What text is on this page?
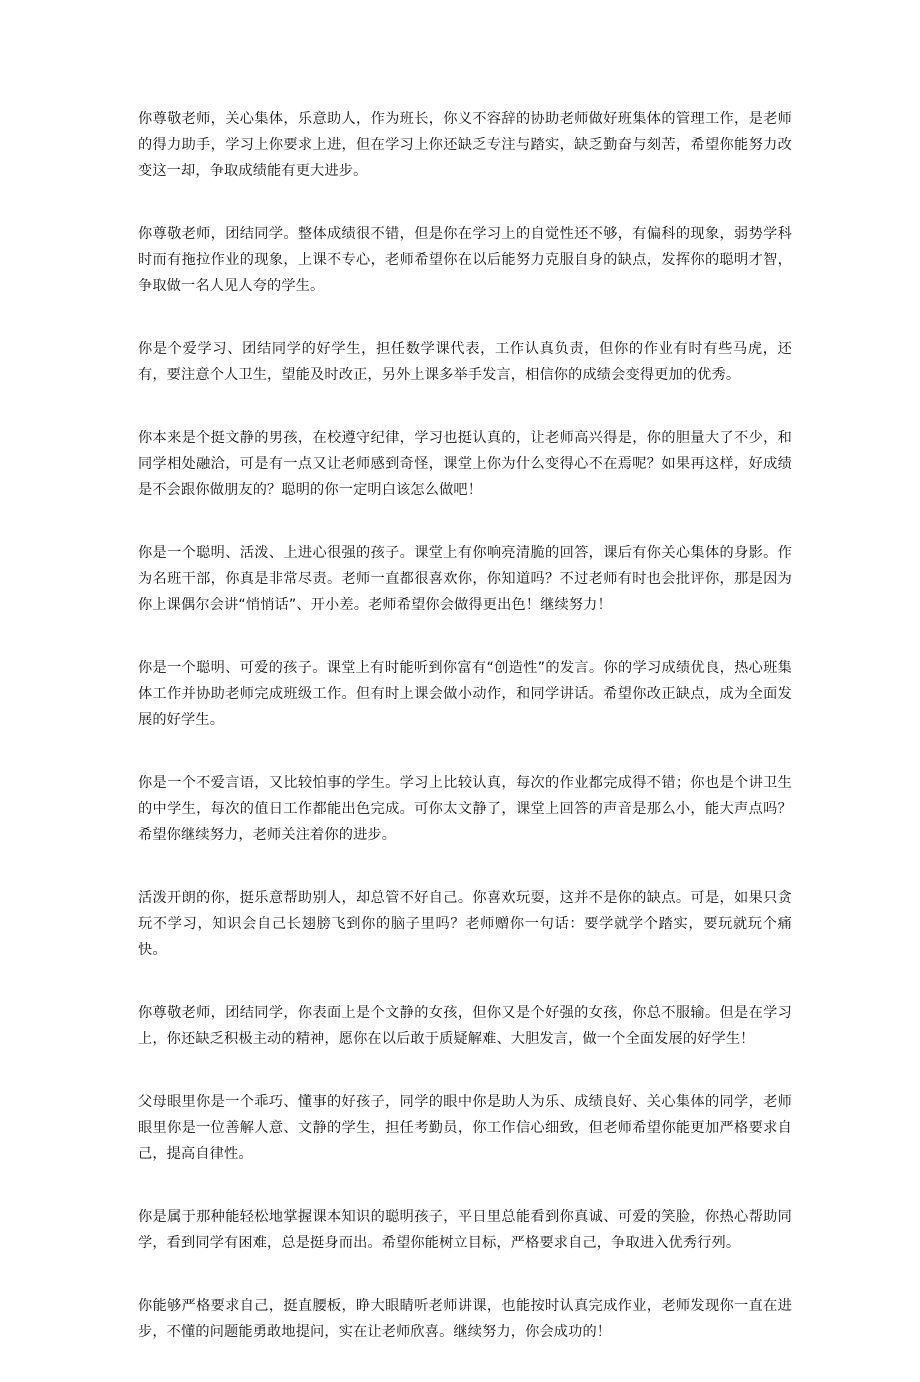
你尊敬老师，关心集体，乐意助人，作为班长，你义不容辞的协助老师做好班集体的管理工作，是老师的得力助手，学习上你要求上进，但在学习上你还缺乏专注与踏实，缺乏勤奋与刻苦，希望你能努力改变这一却，争取成绩能有更大进步。

你尊敬老师，团结同学。整体成绩很不错，但是你在学习上的自觉性还不够，有偏科的现象，弱势学科时而有拖拉作业的现象，上课不专心，老师希望你在以后能努力克服自身的缺点，发挥你的聪明才智，争取做一名人见人夸的学生。

你是个爱学习、团结同学的好学生，担任数学课代表，工作认真负责，但你的作业有时有些马虎，还有，要注意个人卫生，望能及时改正，另外上课多举手发言，相信你的成绩会变得更加的优秀。

你本来是个挺文静的男孩，在校遵守纪律，学习也挺认真的，让老师高兴得是，你的胆量大了不少，和同学相处融洽，可是有一点又让老师感到奇怪，课堂上你为什么变得心不在焉呢？如果再这样，好成绩是不会跟你做朋友的？聪明的你一定明白该怎么做吧！

你是一个聪明、活泼、上进心很强的孩子。课堂上有你响亮清脆的回答，课后有你关心集体的身影。作为名班干部，你真是非常尽责。老师一直都很喜欢你，你知道吗？不过老师有时也会批评你，那是因为你上课偶尔会讲“悄悄话”、开小差。老师希望你会做得更出色！继续努力！

你是一个聪明、可爱的孩子。课堂上有时能听到你富有“创造性”的发言。你的学习成绩优良，热心班集体工作并协助老师完成班级工作。但有时上课会做小动作，和同学讲话。希望你改正缺点，成为全面发展的好学生。

你是一个不爱言语，又比较怕事的学生。学习上比较认真，每次的作业都完成得不错；你也是个讲卫生的中学生，每次的值日工作都能出色完成。可你太文静了，课堂上回答的声音是那么小，能大声点吗？希望你继续努力，老师关注着你的进步。

活泼开朗的你，挺乐意帮助别人，却总管不好自己。你喜欢玩耍，这并不是你的缺点。可是，如果只贪玩不学习，知识会自己长翅膀飞到你的脑子里吗？老师赠你一句话：要学就学个踏实，要玩就玩个痛快。

你尊敬老师，团结同学，你表面上是个文静的女孩，但你又是个好强的女孩，你总不服输。但是在学习上，你还缺乏积极主动的精神，愿你在以后敢于质疑解难、大胆发言，做一个全面发展的好学生！

父母眼里你是一个乖巧、懂事的好孩子，同学的眼中你是助人为乐、成绩良好、关心集体的同学，老师眼里你是一位善解人意、文静的学生，担任考勤员，你工作信心细致，但老师希望你能更加严格要求自己，提高自律性。

你是属于那种能轻松地掌握课本知识的聪明孩子，平日里总能看到你真诚、可爱的笑脸，你热心帮助同学，看到同学有困难，总是挺身而出。希望你能树立目标，严格要求自己，争取进入优秀行列。

你能够严格要求自己，挺直腰板，睁大眼睛听老师讲课，也能按时认真完成作业，老师发现你一直在进步，不懂的问题能勇敢地提问，实在让老师欣喜。继续努力，你会成功的！
